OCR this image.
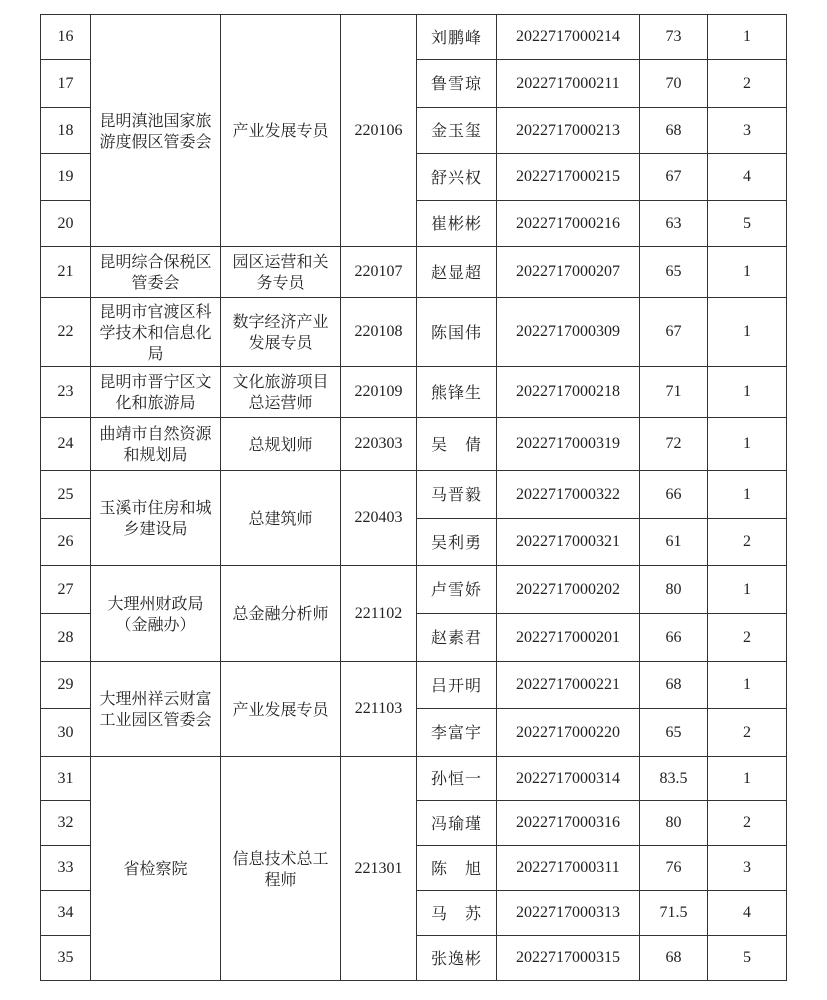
16	昆明滇池国家旅游度假区管委会	产业发展专员	220106	刘鹏峰	2022717000214	73	1
17				鲁雪琼	2022717000211	70	2
18				金玉玺	2022717000213	68	3
19				舒兴权	2022717000215	67	4
20				崔彬彬	2022717000216	63	5
21	昆明综合保税区管委会	园区运营和关务专员	220107	赵显超	2022717000207	65	1
22	昆明市官渡区科学技术和信息化局	数字经济产业发展专员	220108	陈国伟	2022717000309	67	1
23	昆明市晋宁区文化和旅游局	文化旅游项目总运营师	220109	熊锋生	2022717000218	71	1
24	曲靖市自然资源和规划局	总规划师	220303	吴　倩	2022717000319	72	1
25	玉溪市住房和城乡建设局	总建筑师	220403	马晋毅	2022717000322	66	1
26				吴利勇	2022717000321	61	2
27	大理州财政局（金融办）	总金融分析师	221102	卢雪娇	2022717000202	80	1
28				赵素君	2022717000201	66	2
29	大理州祥云财富工业园区管委会	产业发展专员	221103	吕开明	2022717000221	68	1
30				李富宇	2022717000220	65	2
31	省检察院	信息技术总工程师	221301	孙恒一	2022717000314	83.5	1
32				冯瑜瑾	2022717000316	80	2
33				陈　旭	2022717000311	76	3
34				马　苏	2022717000313	71.5	4
35				张逸彬	2022717000315	68	5
